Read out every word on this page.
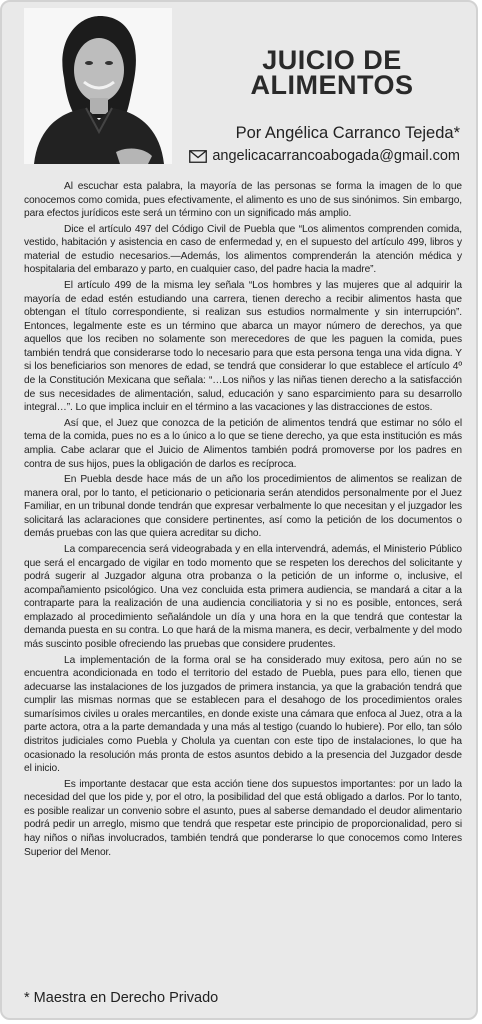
JUICIO DE ALIMENTOS
Por Angélica Carranco Tejeda*
angelicacarrancoabogada@gmail.com

Al escuchar esta palabra, la mayoría de las personas se forma la imagen de lo que conocemos como comida, pues efectivamente, el alimento es uno de sus sinónimos. Sin embargo, para efectos jurídicos este será un término con un significado más amplio.

Dice el artículo 497 del Código Civil de Puebla que “Los alimentos comprenden comida, vestido, habitación y asistencia en caso de enfermedad y, en el supuesto del artículo 499, libros y material de estudio necesarios.—Además, los alimentos comprenderán la atención médica y hospitalaria del embarazo y parto, en cualquier caso, del padre hacia la madre”.

El artículo 499 de la misma ley señala “Los hombres y las mujeres que al adquirir la mayoría de edad estén estudiando una carrera, tienen derecho a recibir alimentos hasta que obtengan el título correspondiente, si realizan sus estudios normalmente y sin interrupción”. Entonces, legalmente este es un término que abarca un mayor número de derechos, ya que aquellos que los reciben no solamente son merecedores de que les paguen la comida, pues también tendrá que considerarse todo lo necesario para que esta persona tenga una vida digna. Y si los beneficiarios son menores de edad, se tendrá que considerar lo que establece el artículo 4º de la Constitución Mexicana que señala: “…Los niños y las niñas tienen derecho a la satisfacción de sus necesidades de alimentación, salud, educación y sano esparcimiento para su desarrollo integral…”. Lo que implica incluir en el término a las vacaciones y las distracciones de estos.

Así que, el Juez que conozca de la petición de alimentos tendrá que estimar no sólo el tema de la comida, pues no es a lo único a lo que se tiene derecho, ya que esta institución es más amplia. Cabe aclarar que el Juicio de Alimentos también podrá promoverse por los padres en contra de sus hijos, pues la obligación de darlos es recíproca.

En Puebla desde hace más de un año los procedimientos de alimentos se realizan de manera oral, por lo tanto, el peticionario o peticionaria serán atendidos personalmente por el Juez Familiar, en un tribunal donde tendrán que expresar verbalmente lo que necesitan y el juzgador les solicitará las aclaraciones que considere pertinentes, así como la petición de los documentos o demás pruebas con las que quiera acreditar su dicho.

La comparecencia será videograbada y en ella intervendrá, además, el Ministerio Público que será el encargado de vigilar en todo momento que se respeten los derechos del solicitante y podrá sugerir al Juzgador alguna otra probanza o la petición de un informe o, inclusive, el acompañamiento psicológico. Una vez concluida esta primera audiencia, se mandará a citar a la contraparte para la realización de una audiencia conciliatoria y si no es posible, entonces, será emplazado al procedimiento señalándole un día y una hora en la que tendrá que contestar la demanda puesta en su contra. Lo que hará de la misma manera, es decir, verbalmente y del modo más suscinto posible ofreciendo las pruebas que considere prudentes.

La implementación de la forma oral se ha considerado muy exitosa, pero aún no se encuentra acondicionada en todo el territorio del estado de Puebla, pues para ello, tienen que adecuarse las instalaciones de los juzgados de primera instancia, ya que la grabación tendrá que cumplir las mismas normas que se establecen para el desahogo de los procedimientos orales sumarísimos civiles u orales mercantiles, en donde existe una cámara que enfoca al Juez, otra a la parte actora, otra a la parte demandada y una más al testigo (cuando lo hubiere). Por ello, tan sólo distritos judiciales como Puebla y Cholula ya cuentan con este tipo de instalaciones, lo que ha ocasionado la resolución más pronta de estos asuntos debido a la presencia del Juzgador desde el inicio.

Es importante destacar que esta acción tiene dos supuestos importantes: por un lado la necesidad del que los pide y, por el otro, la posibilidad del que está obligado a darlos. Por lo tanto, es posible realizar un convenio sobre el asunto, pues al saberse demandado el deudor alimentario podrá pedir un arreglo, mismo que tendrá que respetar este principio de proporcionalidad, pero si hay niños o niñas involucrados, también tendrá que ponderarse lo que conocemos como Interes Superior del Menor.

* Maestra en Derecho Privado
